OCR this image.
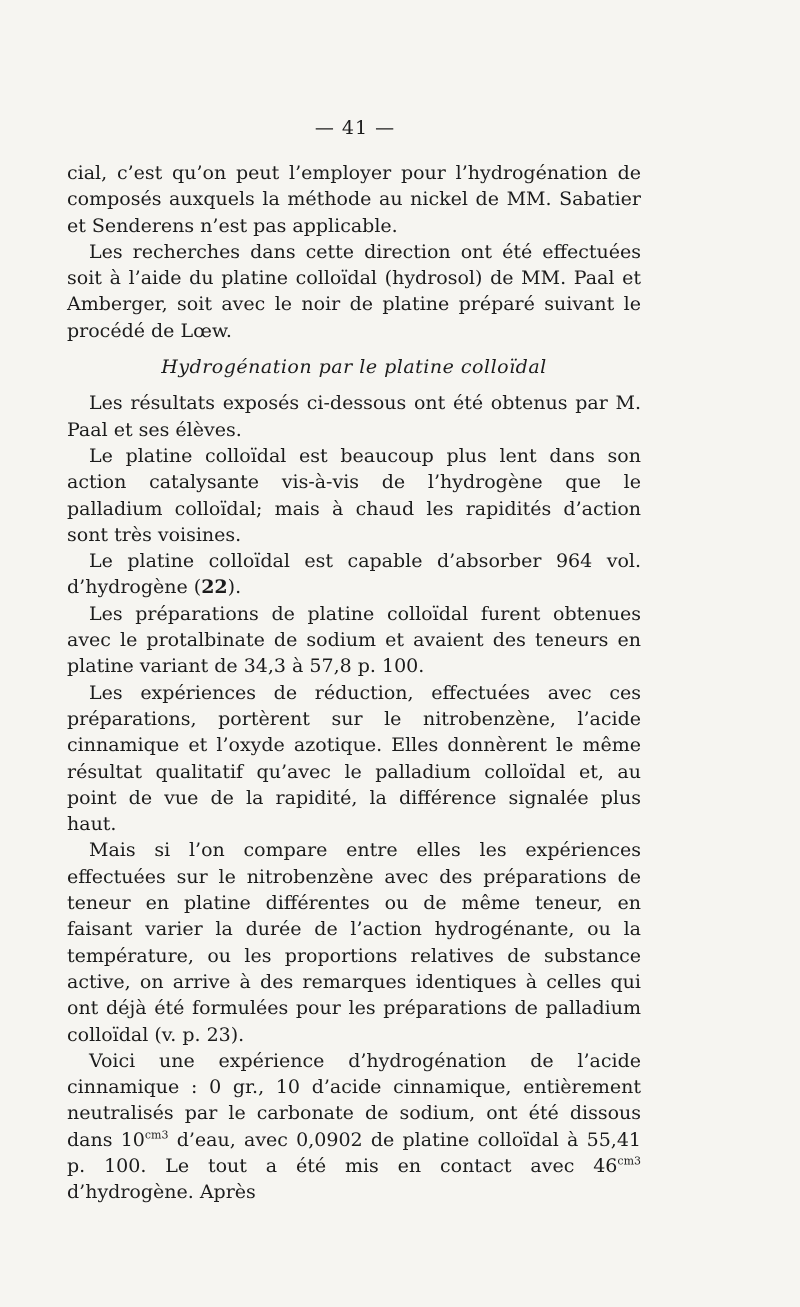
— 41 —

cial, c’est qu’on peut l’employer pour l’hydrogénation de composés auxquels la méthode au nickel de MM. Sabatier et Senderens n’est pas applicable.

Les recherches dans cette direction ont été effectuées soit à l’aide du platine colloïdal (hydrosol) de MM. Paal et Amberger, soit avec le noir de platine préparé suivant le procédé de Lœw.

Hydrogénation par le platine colloïdal

Les résultats exposés ci-dessous ont été obtenus par M. Paal et ses élèves.

Le platine colloïdal est beaucoup plus lent dans son action catalysante vis-à-vis de l’hydrogène que le palladium colloïdal; mais à chaud les rapidités d’action sont très voisines.

Le platine colloïdal est capable d’absorber 964 vol. d’hydrogène (22).

Les préparations de platine colloïdal furent obtenues avec le protalbinate de sodium et avaient des teneurs en platine variant de 34,3 à 57,8 p. 100.

Les expériences de réduction, effectuées avec ces préparations, portèrent sur le nitrobenzène, l’acide cinnamique et l’oxyde azotique. Elles donnèrent le même résultat qualitatif qu’avec le palladium colloïdal et, au point de vue de la rapidité, la différence signalée plus haut.

Mais si l’on compare entre elles les expériences effectuées sur le nitrobenzène avec des préparations de teneur en platine différentes ou de même teneur, en faisant varier la durée de l’action hydrogénante, ou la température, ou les proportions relatives de substance active, on arrive à des remarques identiques à celles qui ont déjà été formulées pour les préparations de palladium colloïdal (v. p. 23).

Voici une expérience d’hydrogénation de l’acide cinnamique : 0 gr., 10 d’acide cinnamique, entièrement neutralisés par le carbonate de sodium, ont été dissous dans $10^{cm3}$ d’eau, avec 0,0902 de platine colloïdal à 55,41 p. 100. Le tout a été mis en contact avec $46^{cm3}$ d’hydrogène. Après
